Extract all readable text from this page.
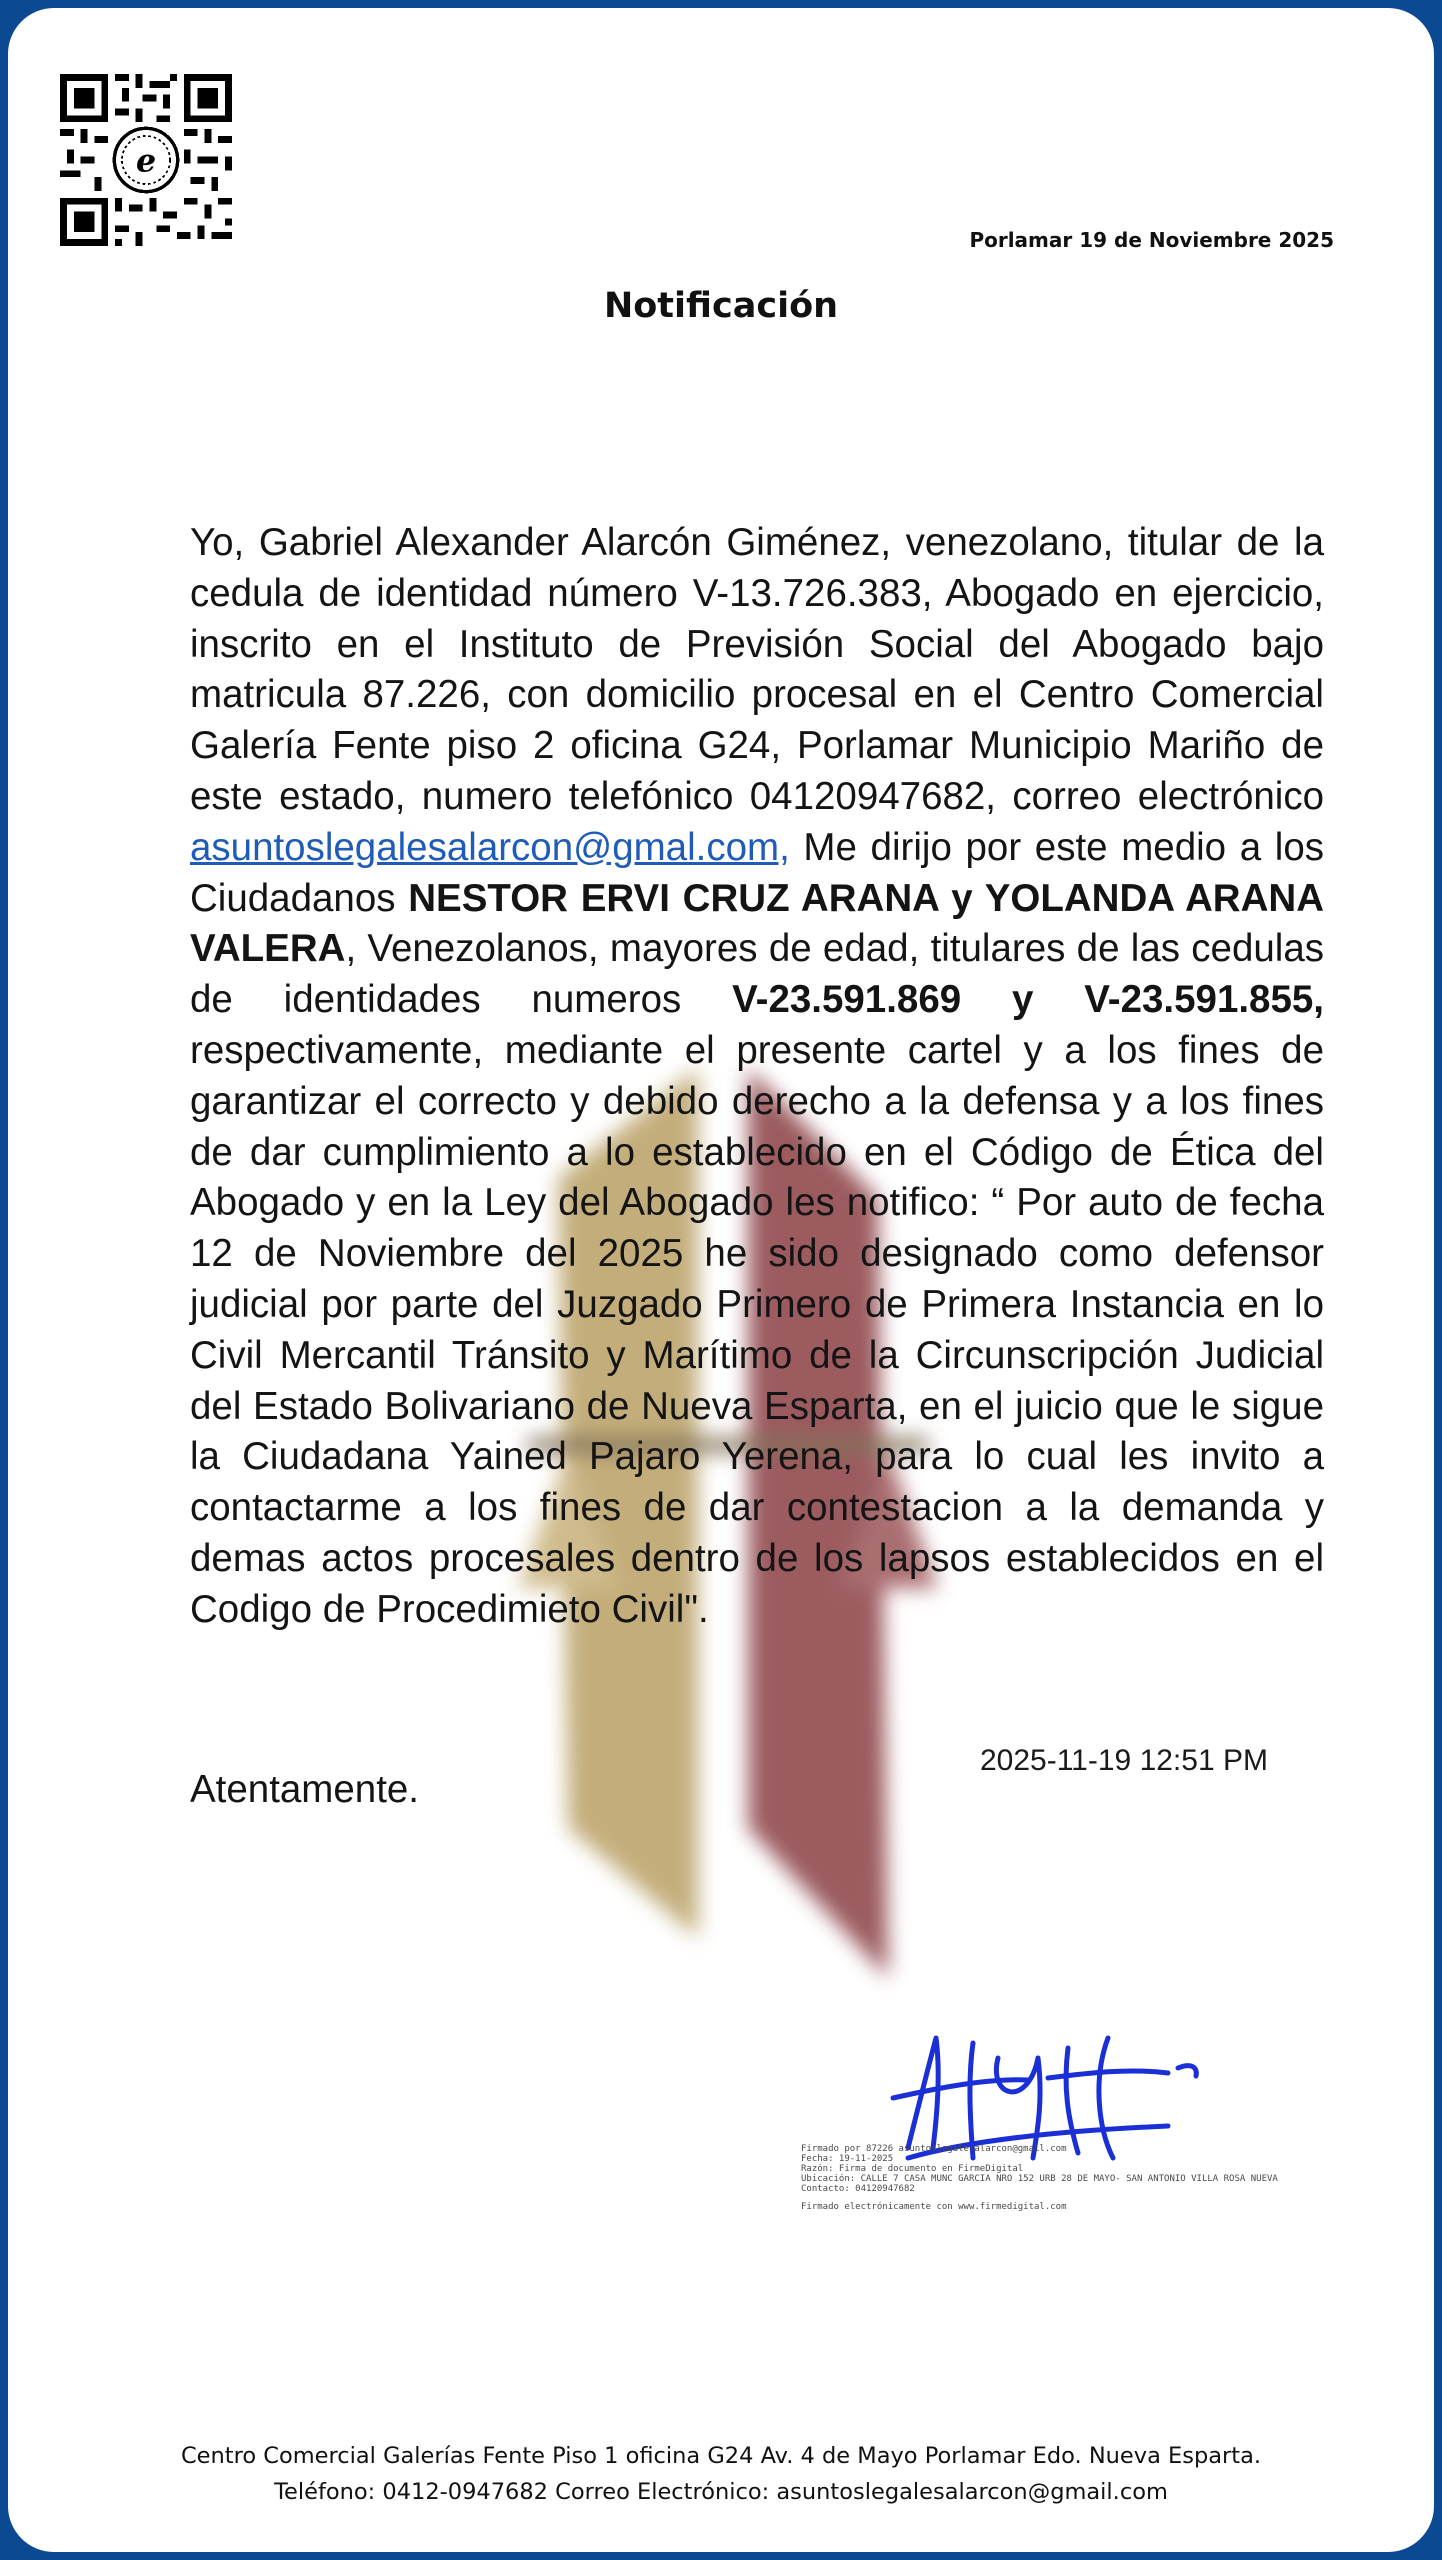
e

Porlamar 19 de Noviembre 2025

Notificación

Yo, Gabriel Alexander Alarcón Giménez, venezolano, titular de la cedula de identidad número V-13.726.383, Abogado en ejercicio, inscrito en el Instituto de Previsión Social del Abogado bajo matricula 87.226, con domicilio procesal en el Centro Comercial Galería Fente piso 2 oficina G24, Porlamar Municipio Mariño de este estado, numero telefónico 04120947682, correo electrónico asuntoslegalesalarcon@gmal.com, Me dirijo por este medio a los Ciudadanos NESTOR ERVI CRUZ ARANA y YOLANDA ARANA VALERA, Venezolanos, mayores de edad, titulares de las cedulas de identidades numeros V-23.591.869 y V-23.591.855, respectivamente, mediante el presente cartel y a los fines de garantizar el correcto y debido derecho a la defensa y a los fines de dar cumplimiento a lo establecido en el Código de Ética del Abogado y en la Ley del Abogado les notifico: “ Por auto de fecha 12 de Noviembre del 2025 he sido designado como defensor judicial por parte del Juzgado Primero de Primera Instancia en lo Civil Mercantil Tránsito y Marítimo de la Circunscripción Judicial del Estado Bolivariano de Nueva Esparta, en el juicio que le sigue la Ciudadana Yained Pajaro Yerena, para lo cual les invito a contactarme a los fines de dar contestacion a la demanda y demas actos procesales dentro de los lapsos establecidos en el Codigo de Procedimieto Civil".

2025-11-19 12:51 PM

Atentamente.

Firmado por 87226 asuntoslegalesalarcon@gmail.com
Fecha: 19-11-2025
Razón: Firma de documento en FirmeDigital
Ubicación: CALLE 7 CASA MUNC GARCIA NRO 152 URB 28 DE MAYO- SAN ANTONIO VILLA ROSA NUEVA
Contacto: 04120947682
Firmado electrónicamente con www.firmedigital.com
Centro Comercial Galerías Fente Piso 1 oficina G24 Av. 4 de Mayo Porlamar Edo. Nueva Esparta.
Teléfono: 0412-0947682 Correo Electrónico: asuntoslegalesalarcon@gmail.com
